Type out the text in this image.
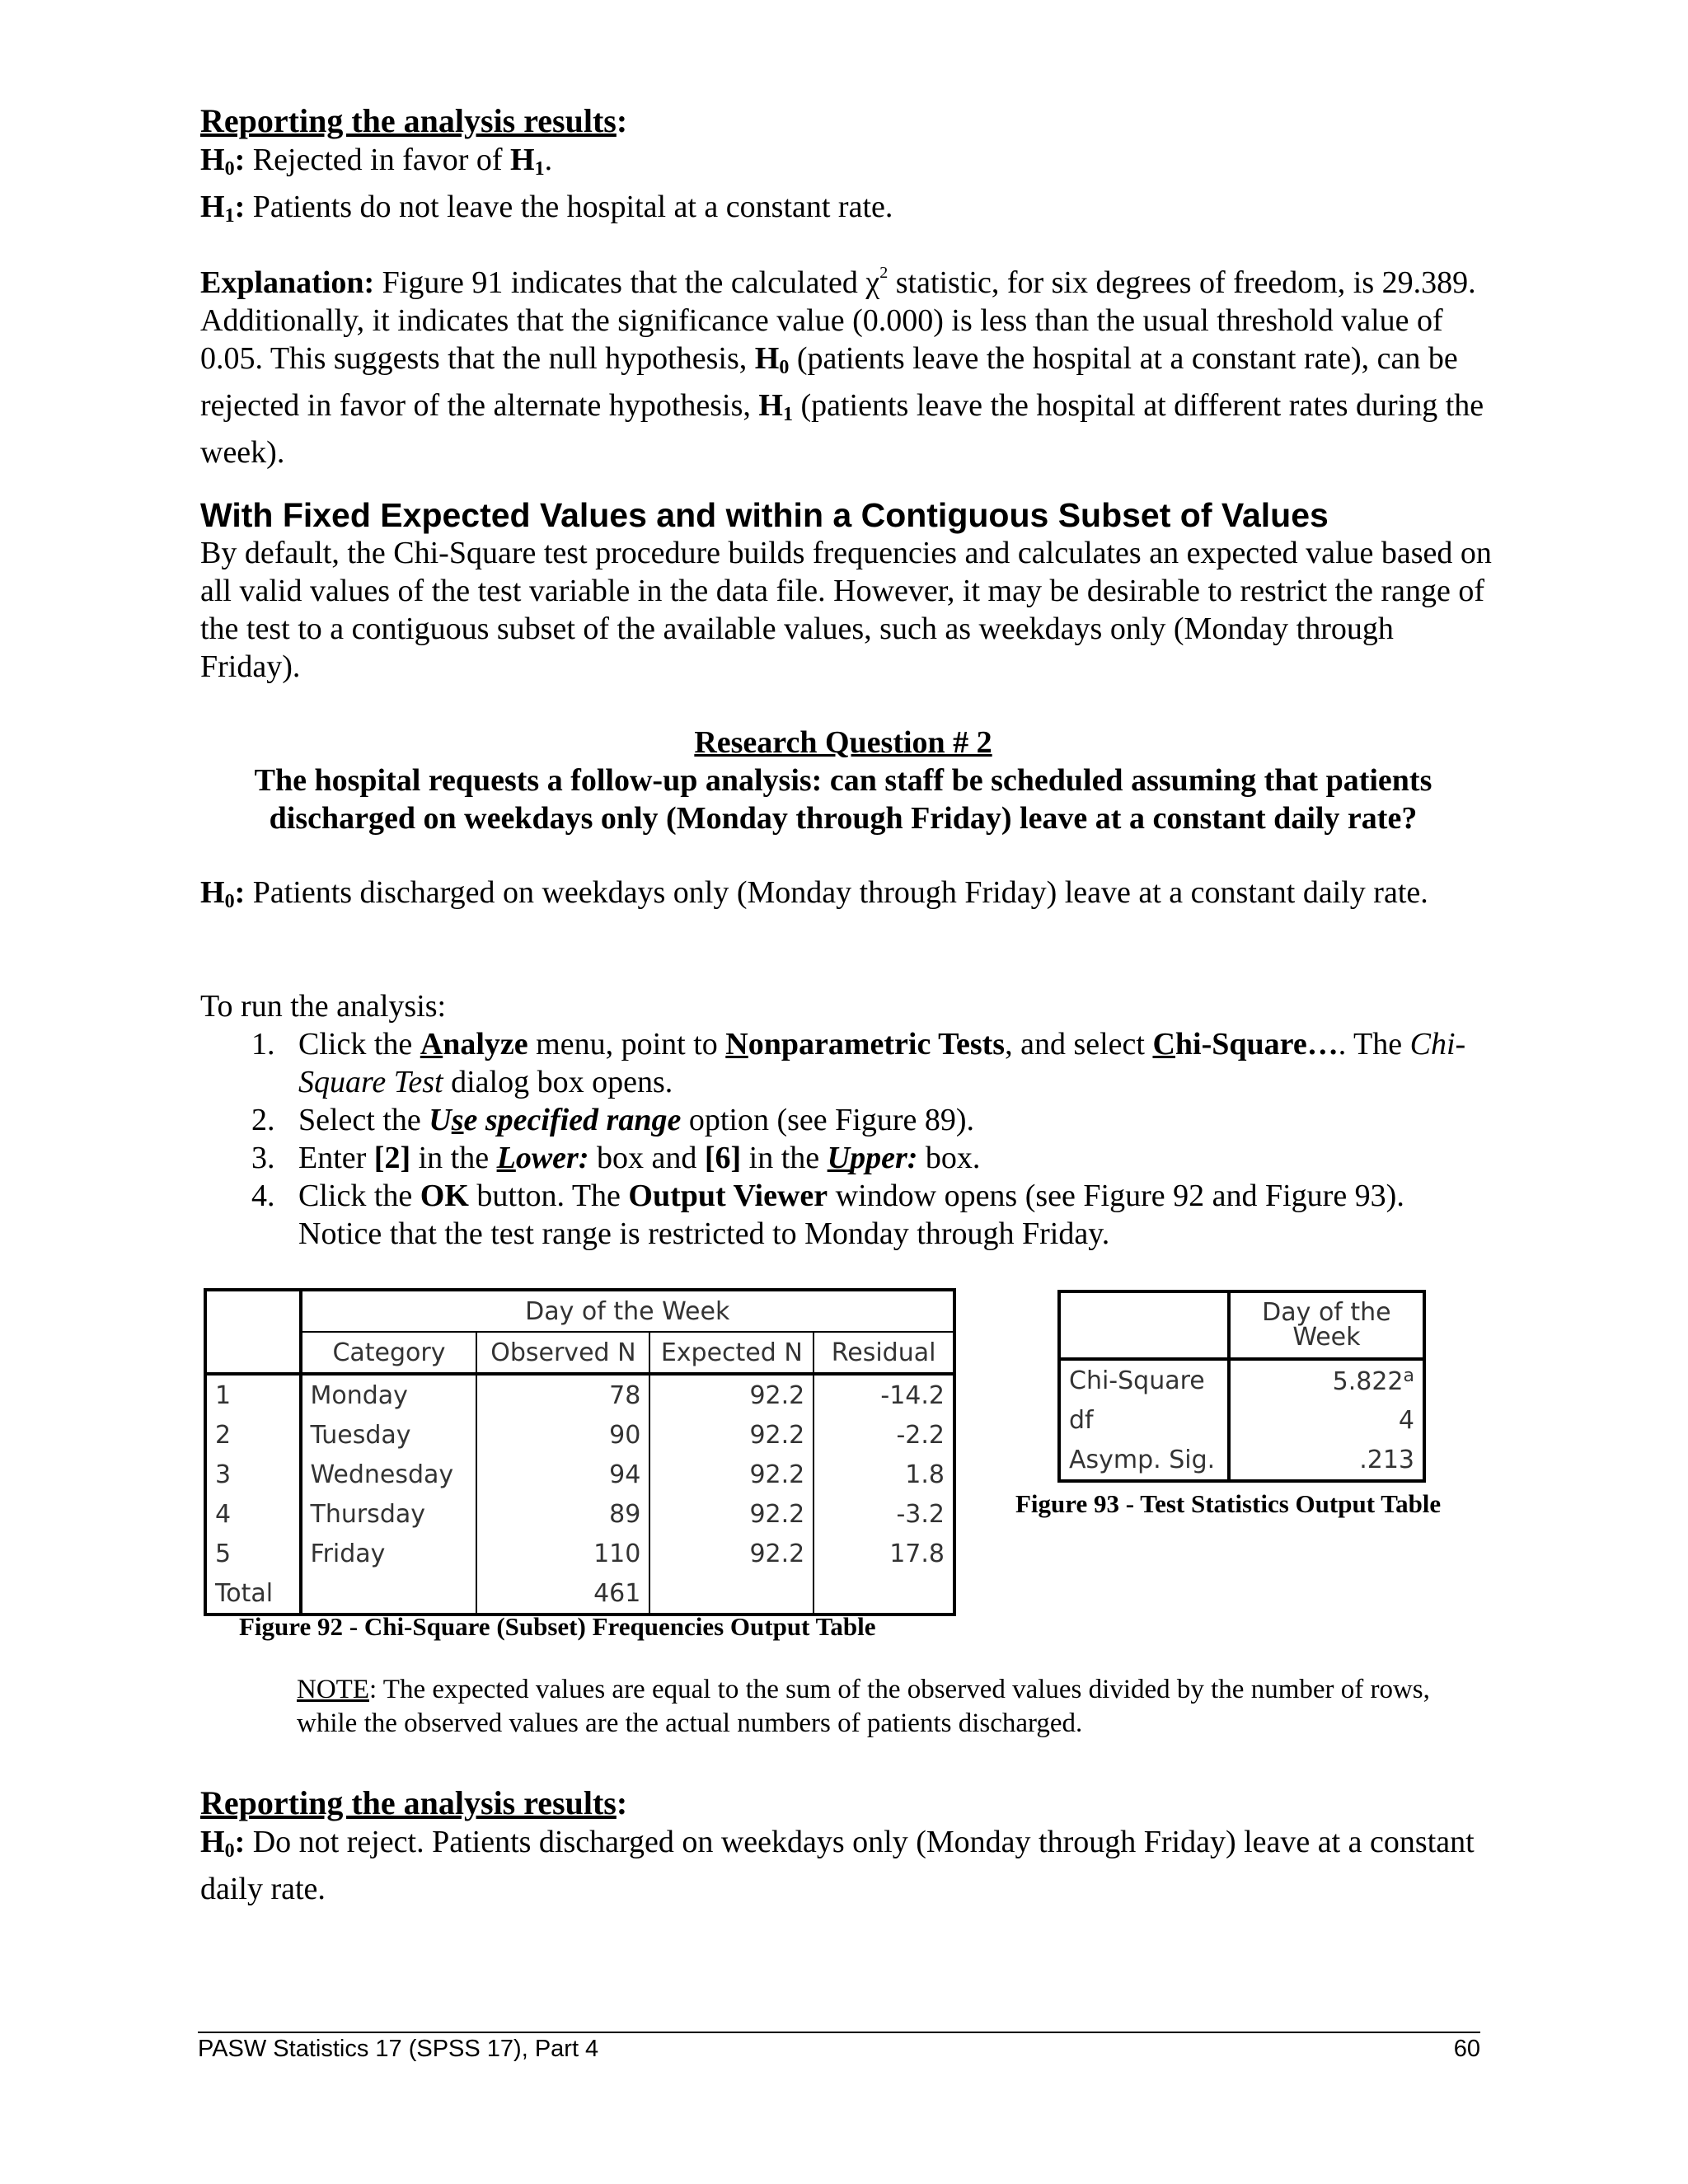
Reporting the analysis results:
$H_0$: Rejected in favor of $H_1$.
$H_1$: Patients do not leave the hospital at a constant rate.
Explanation: Figure 91 indicates that the calculated $\chi^2$ statistic, for six degrees of freedom, is 29.389. Additionally, it indicates that the significance value (0.000) is less than the usual threshold value of 0.05. This suggests that the null hypothesis, $H_0$ (patients leave the hospital at a constant rate), can be rejected in favor of the alternate hypothesis, $H_1$ (patients leave the hospital at different rates during the week).
With Fixed Expected Values and within a Contiguous Subset of Values
By default, the Chi-Square test procedure builds frequencies and calculates an expected value based on all valid values of the test variable in the data file. However, it may be desirable to restrict the range of the test to a contiguous subset of the available values, such as weekdays only (Monday through Friday).
Research Question # 2
The hospital requests a follow-up analysis: can staff be scheduled assuming that patients discharged on weekdays only (Monday through Friday) leave at a constant daily rate?
$H_0$: Patients discharged on weekdays only (Monday through Friday) leave at a constant daily rate.
To run the analysis:
1. Click the Analyze menu, point to Nonparametric Tests, and select Chi-Square…. The Chi-Square Test dialog box opens.
2. Select the Use specified range option (see Figure 89).
3. Enter [2] in the Lower: box and [6] in the Upper: box.
4. Click the OK button. The Output Viewer window opens (see Figure 92 and Figure 93). Notice that the test range is restricted to Monday through Friday.
	Day of the Week			
	Category	Observed N	Expected N	Residual
1	Monday	78	92.2	-14.2
2	Tuesday	90	92.2	-2.2
3	Wednesday	94	92.2	1.8
4	Thursday	89	92.2	-3.2
5	Friday	110	92.2	17.8
Total		461		
Figure 92 - Chi-Square (Subset) Frequencies Output Table
	Day of the Week
Chi-Square	5.822$^a$
df	4
Asymp. Sig.	.213
Figure 93 - Test Statistics Output Table
NOTE: The expected values are equal to the sum of the observed values divided by the number of rows, while the observed values are the actual numbers of patients discharged.
Reporting the analysis results:
$H_0$: Do not reject. Patients discharged on weekdays only (Monday through Friday) leave at a constant daily rate.
PASW Statistics 17 (SPSS 17), Part 4	60
